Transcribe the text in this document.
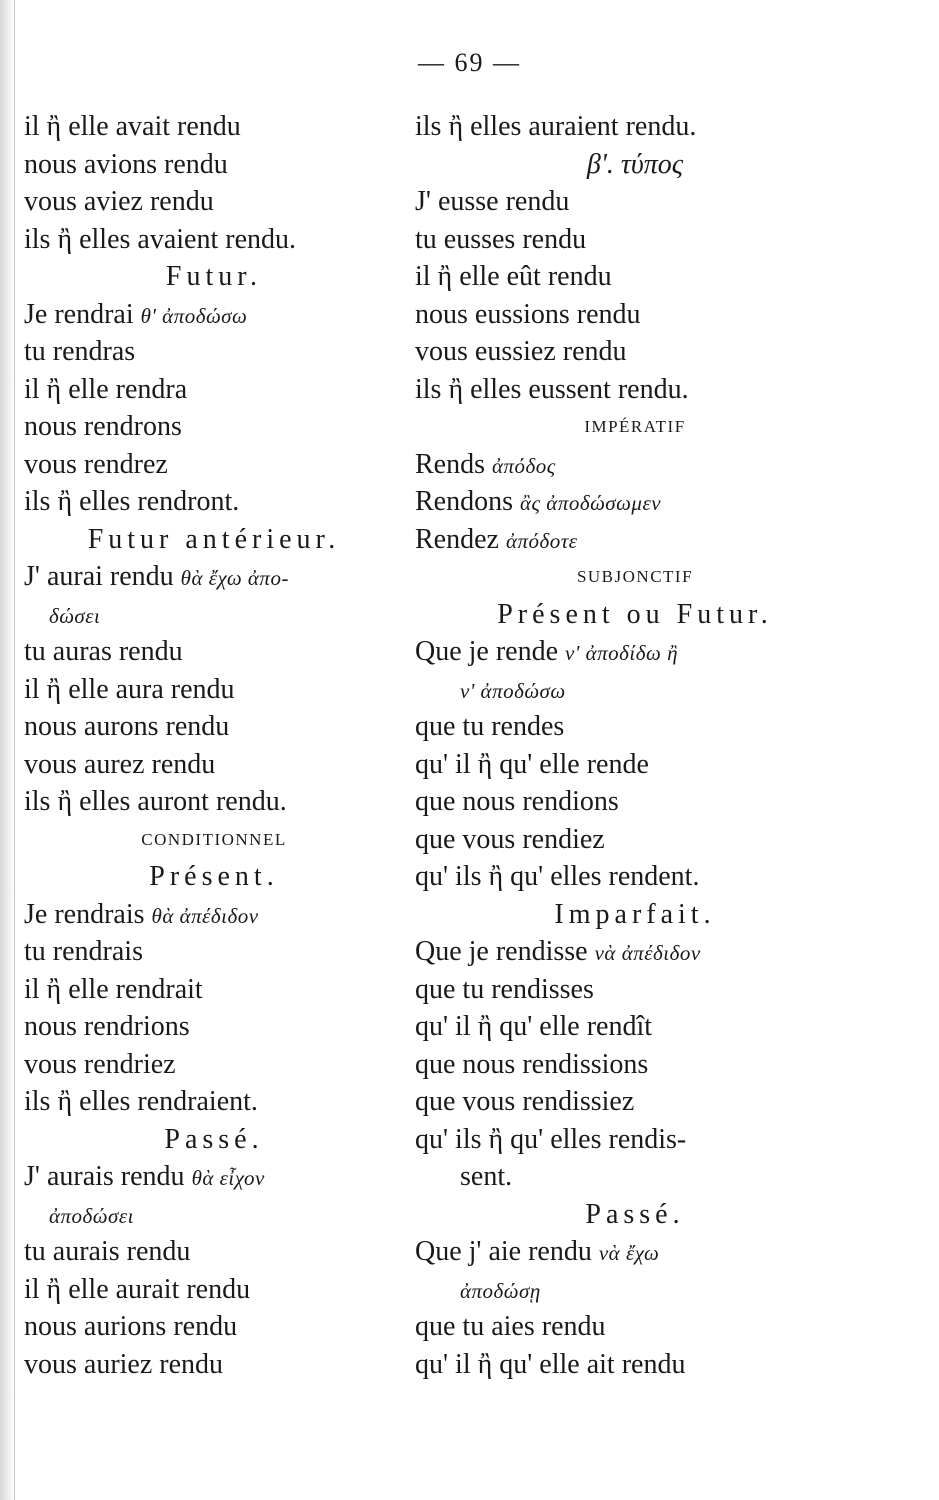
— 69 —
il ἢ elle avait rendu
nous avions rendu
vous aviez rendu
ils ἢ elles avaient rendu.
Futur.
Je rendrai θ' ἀποδώσω
tu rendras
il ἢ elle rendra
nous rendrons
vous rendrez
ils ἢ elles rendront.
Futur antérieur.
J' aurai rendu θὰ ἔχω ἀπο-
δώσει
tu auras rendu
il ἢ elle aura rendu
nous aurons rendu
vous aurez rendu
ils ἢ elles auront rendu.
CONDITIONNEL
Présent.
Je rendrais θὰ ἀπέδιδον
tu rendrais
il ἢ elle rendrait
nous rendrions
vous rendriez
ils ἢ elles rendraient.
Passé.
J' aurais rendu θὰ εἶχον
ἀποδώσει
tu aurais rendu
il ἢ elle aurait rendu
nous aurions rendu
vous auriez rendu
ils ἢ elles auraient rendu.
β'. τύπος
J' eusse rendu
tu eusses rendu
il ἢ elle eût rendu
nous eussions rendu
vous eussiez rendu
ils ἢ elles eussent rendu.
IMPÉRATIF
Rends ἀπόδος
Rendons ἂς ἀποδώσωμεν
Rendez ἀπόδοτε
SUBJONCTIF
Présent ou Futur.
Que je rende ν' ἀποδίδω ἢ
ν' ἀποδώσω
que tu rendes
qu' il ἢ qu' elle rende
que nous rendions
que vous rendiez
qu' ils ἢ qu' elles rendent.
Imparfait.
Que je rendisse νὰ ἀπέδιδον
que tu rendisses
qu' il ἢ qu' elle rendît
que nous rendissions
que vous rendissiez
qu' ils ἢ qu' elles rendis-
sent.
Passé.
Que j' aie rendu νὰ ἔχω
ἀποδώσῃ
que tu aies rendu
qu' il ἢ qu' elle ait rendu
